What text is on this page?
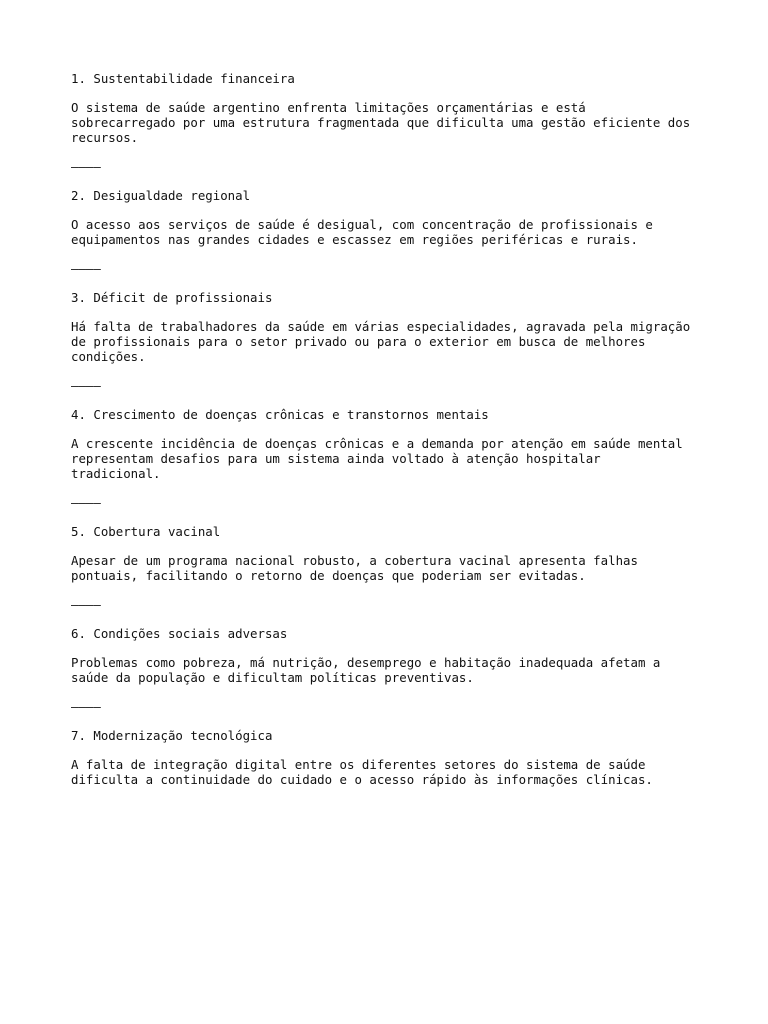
1. Sustentabilidade financeira

O sistema de saúde argentino enfrenta limitações orçamentárias e está
sobrecarregado por uma estrutura fragmentada que dificulta uma gestão eficiente dos
recursos.

————
2. Desigualdade regional

O acesso aos serviços de saúde é desigual, com concentração de profissionais e
equipamentos nas grandes cidades e escassez em regiões periféricas e rurais.

————
3. Déficit de profissionais

Há falta de trabalhadores da saúde em várias especialidades, agravada pela migração
de profissionais para o setor privado ou para o exterior em busca de melhores
condições.

————
4. Crescimento de doenças crônicas e transtornos mentais

A crescente incidência de doenças crônicas e a demanda por atenção em saúde mental
representam desafios para um sistema ainda voltado à atenção hospitalar
tradicional.

————
5. Cobertura vacinal

Apesar de um programa nacional robusto, a cobertura vacinal apresenta falhas
pontuais, facilitando o retorno de doenças que poderiam ser evitadas.

————
6. Condições sociais adversas

Problemas como pobreza, má nutrição, desemprego e habitação inadequada afetam a
saúde da população e dificultam políticas preventivas.

————
7. Modernização tecnológica

A falta de integração digital entre os diferentes setores do sistema de saúde
dificulta a continuidade do cuidado e o acesso rápido às informações clínicas.
